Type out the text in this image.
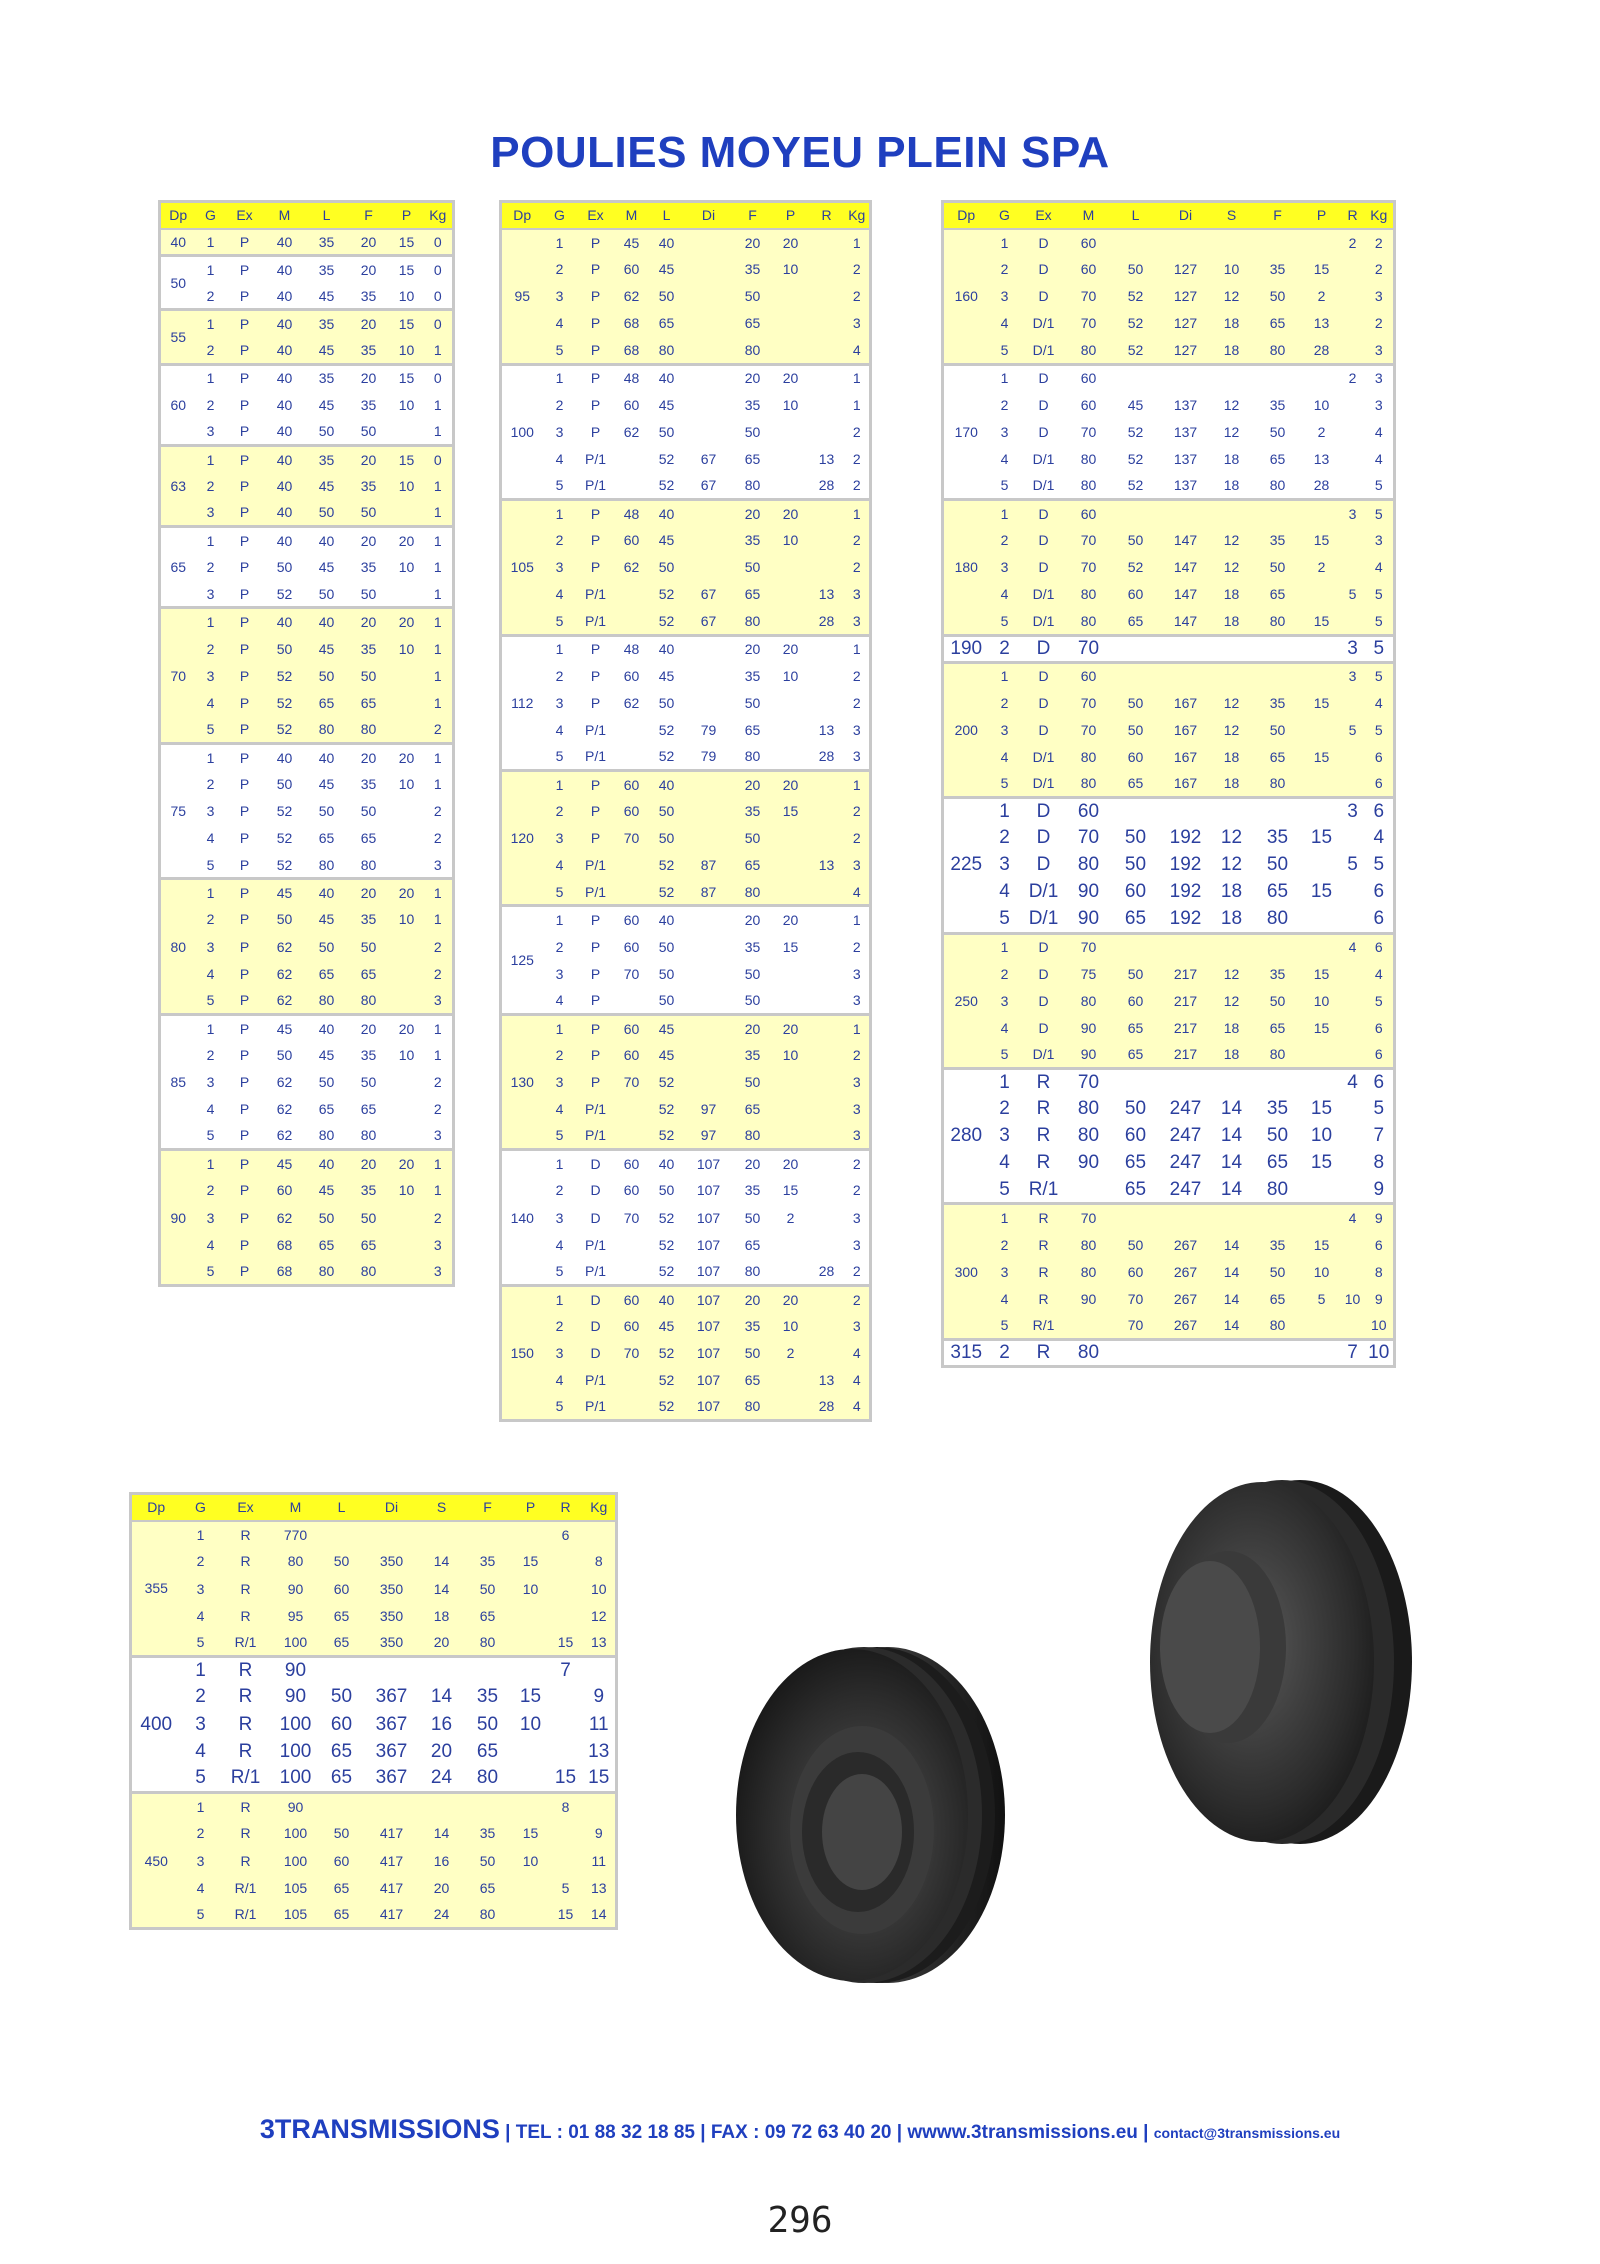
POULIES MOYEU PLEIN SPA
Dp	G	Ex	M	L	F	P	Kg
40	1	P	40	35	20	15	0
50	1	P	40	35	20	15	0
	2	P	40	45	35	10	0
55	1	P	40	35	20	15	0
	2	P	40	45	35	10	1
60	1	P	40	35	20	15	0
	2	P	40	45	35	10	1
	3	P	40	50	50		1
63	1	P	40	35	20	15	0
	2	P	40	45	35	10	1
	3	P	40	50	50		1
65	1	P	40	40	20	20	1
	2	P	50	45	35	10	1
	3	P	52	50	50		1
70	1	P	40	40	20	20	1
	2	P	50	45	35	10	1
	3	P	52	50	50		1
	4	P	52	65	65		1
	5	P	52	80	80		2
75	1	P	40	40	20	20	1
	2	P	50	45	35	10	1
	3	P	52	50	50		2
	4	P	52	65	65		2
	5	P	52	80	80		3
80	1	P	45	40	20	20	1
	2	P	50	45	35	10	1
	3	P	62	50	50		2
	4	P	62	65	65		2
	5	P	62	80	80		3
85	1	P	45	40	20	20	1
	2	P	50	45	35	10	1
	3	P	62	50	50		2
	4	P	62	65	65		2
	5	P	62	80	80		3
90	1	P	45	40	20	20	1
	2	P	60	45	35	10	1
	3	P	62	50	50		2
	4	P	68	65	65		3
	5	P	68	80	80		3
Dp	G	Ex	M	L	Di	F	P	R	Kg
95	1	P	45	40		20	20		1
	2	P	60	45		35	10		2
	3	P	62	50		50			2
	4	P	68	65		65			3
	5	P	68	80		80			4
100	1	P	48	40		20	20		1
	2	P	60	45		35	10		1
	3	P	62	50		50			2
	4	P/1		52	67	65		13	2
	5	P/1		52	67	80		28	2
105	1	P	48	40		20	20		1
	2	P	60	45		35	10		2
	3	P	62	50		50			2
	4	P/1		52	67	65		13	3
	5	P/1		52	67	80		28	3
112	1	P	48	40		20	20		1
	2	P	60	45		35	10		2
	3	P	62	50		50			2
	4	P/1		52	79	65		13	3
	5	P/1		52	79	80		28	3
120	1	P	60	40		20	20		1
	2	P	60	50		35	15		2
	3	P	70	50		50			2
	4	P/1		52	87	65		13	3
	5	P/1		52	87	80			4
125	1	P	60	40		20	20		1
	2	P	60	50		35	15		2
	3	P	70	50		50			3
	4	P		50		50			3
130	1	P	60	45		20	20		1
	2	P	60	45		35	10		2
	3	P	70	52		50			3
	4	P/1		52	97	65			3
	5	P/1		52	97	80			3
140	1	D	60	40	107	20	20		2
	2	D	60	50	107	35	15		2
	3	D	70	52	107	50	2		3
	4	P/1		52	107	65			3
	5	P/1		52	107	80		28	2
150	1	D	60	40	107	20	20		2
	2	D	60	45	107	35	10		3
	3	D	70	52	107	50	2		4
	4	P/1		52	107	65		13	4
	5	P/1		52	107	80		28	4
Dp	G	Ex	M	L	Di	S	F	P	R	Kg
160	1	D	60						2	2
	2	D	60	50	127	10	35	15		2
	3	D	70	52	127	12	50	2		3
	4	D/1	70	52	127	18	65	13		2
	5	D/1	80	52	127	18	80	28		3
170	1	D	60						2	3
	2	D	60	45	137	12	35	10		3
	3	D	70	52	137	12	50	2		4
	4	D/1	80	52	137	18	65	13		4
	5	D/1	80	52	137	18	80	28		5
180	1	D	60						3	5
	2	D	70	50	147	12	35	15		3
	3	D	70	52	147	12	50	2		4
	4	D/1	80	60	147	18	65		5	5
	5	D/1	80	65	147	18	80	15		5
190	2	D	70						3	5
200	1	D	60						3	5
	2	D	70	50	167	12	35	15		4
	3	D	70	50	167	12	50		5	5
	4	D/1	80	60	167	18	65	15		6
	5	D/1	80	65	167	18	80			6
225	1	D	60						3	6
	2	D	70	50	192	12	35	15		4
	3	D	80	50	192	12	50		5	5
	4	D/1	90	60	192	18	65	15		6
	5	D/1	90	65	192	18	80			6
250	1	D	70						4	6
	2	D	75	50	217	12	35	15		4
	3	D	80	60	217	12	50	10		5
	4	D	90	65	217	18	65	15		6
	5	D/1	90	65	217	18	80			6
280	1	R	70						4	6
	2	R	80	50	247	14	35	15		5
	3	R	80	60	247	14	50	10		7
	4	R	90	65	247	14	65	15		8
	5	R/1		65	247	14	80			9
300	1	R	70						4	9
	2	R	80	50	267	14	35	15		6
	3	R	80	60	267	14	50	10		8
	4	R	90	70	267	14	65	5	10	9
	5	R/1		70	267	14	80			10
315	2	R	80						7	10
Dp	G	Ex	M	L	Di	S	F	P	R	Kg
355	1	R	770						6	
	2	R	80	50	350	14	35	15		8
	3	R	90	60	350	14	50	10		10
	4	R	95	65	350	18	65			12
	5	R/1	100	65	350	20	80		15	13
400	1	R	90						7	
	2	R	90	50	367	14	35	15		9
	3	R	100	60	367	16	50	10		11
	4	R	100	65	367	20	65			13
	5	R/1	100	65	367	24	80		15	15
450	1	R	90						8	
	2	R	100	50	417	14	35	15		9
	3	R	100	60	417	16	50	10		11
	4	R/1	105	65	417	20	65		5	13
	5	R/1	105	65	417	24	80		15	14
3TRANSMISSIONS | TEL : 01 88 32 18 85 | FAX : 09 72 63 40 20 | wwww.3transmissions.eu | contact@3transmissions.eu
296
